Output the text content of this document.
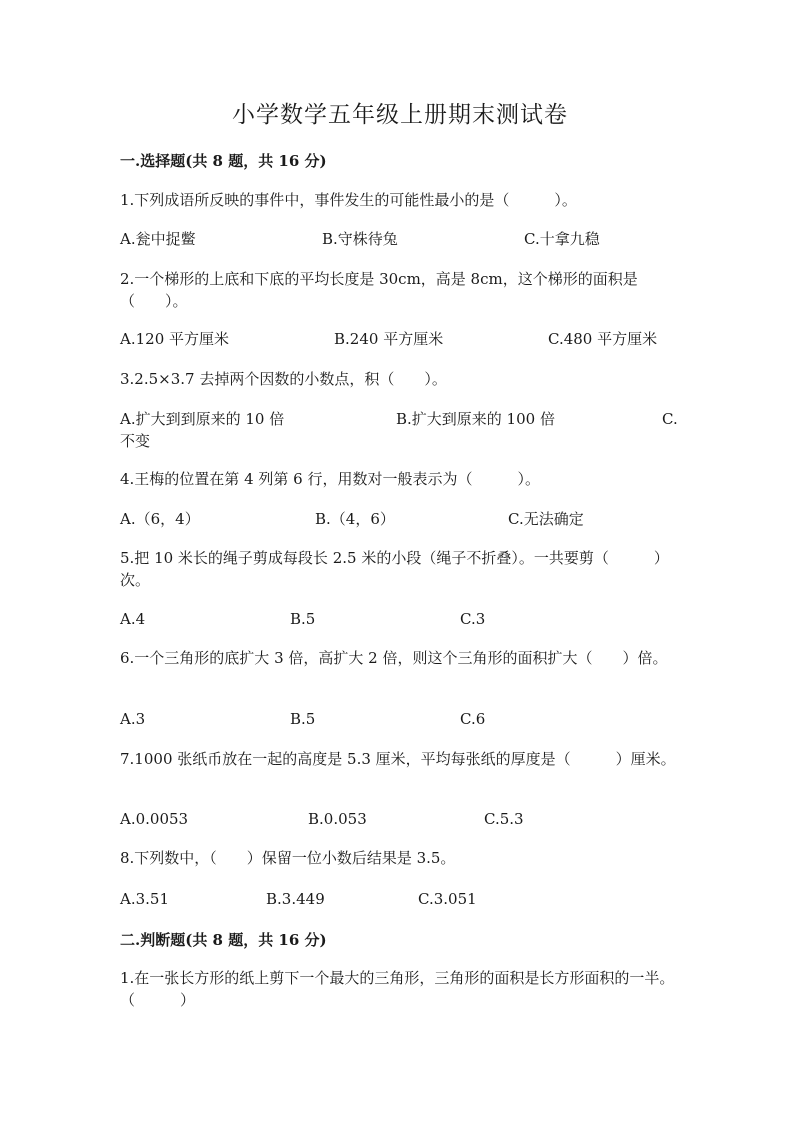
小学数学五年级上册期末测试卷
一.选择题(共 8 题，共 16 分)
1.下列成语所反映的事件中，事件发生的可能性最小的是（　　　）。
A.瓮中捉鳖	B.守株待兔	C.十拿九稳
2.一个梯形的上底和下底的平均长度是 30cm，高是 8cm，这个梯形的面积是（　　）。
A.120 平方厘米	B.240 平方厘米	C.480 平方厘米
3.2.5×3.7 去掉两个因数的小数点，积（　　）。
A.扩大到到原来的 10 倍	B.扩大到原来的 100 倍	C.
不变
4.王梅的位置在第 4 列第 6 行，用数对一般表示为（　　　）。
A.（6，4）	B.（4，6）	C.无法确定
5.把 10 米长的绳子剪成每段长 2.5 米的小段（绳子不折叠）。一共要剪（　　　）次。
A.4	B.5	C.3
6.一个三角形的底扩大 3 倍，高扩大 2 倍，则这个三角形的面积扩大（　　）倍。
A.3	B.5	C.6
7.1000 张纸币放在一起的高度是 5.3 厘米，平均每张纸的厚度是（　　　）厘米。
A.0.0053	B.0.053	C.5.3
8.下列数中，（　　）保留一位小数后结果是 3.5。
A.3.51	B.3.449	C.3.051
二.判断题(共 8 题，共 16 分)
1.在一张长方形的纸上剪下一个最大的三角形，三角形的面积是长方形面积的一半。（　　　）
